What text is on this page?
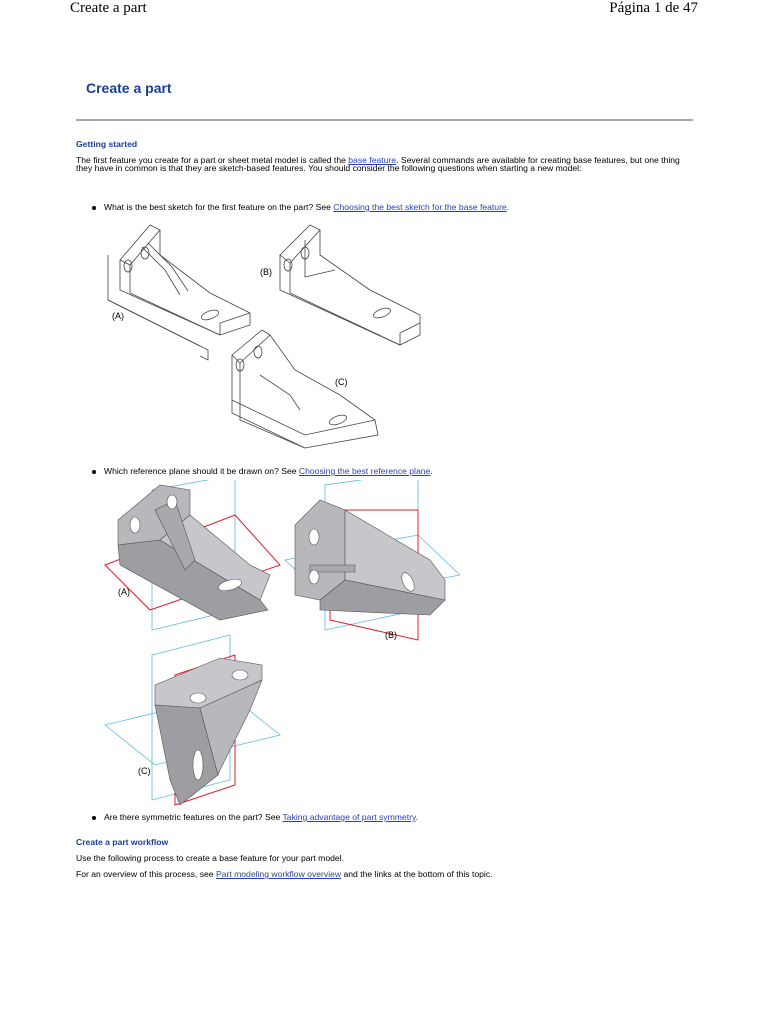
Create a part	Página 1 de 47
Create a part
Getting started
The first feature you create for a part or sheet metal model is called the base feature. Several commands are available for creating base features, but one thing they have in common is that they are sketch-based features. You should consider the following questions when starting a new model:
What is the best sketch for the first feature on the part? See Choosing the best sketch for the base feature.
(A)
(B)
(C)
Which reference plane should it be drawn on? See Choosing the best reference plane.
(A)
(B)
(C)
Are there symmetric features on the part? See Taking advantage of part symmetry.
Create a part workflow
Use the following process to create a base feature for your part model.
For an overview of this process, see Part modeling workflow overview and the links at the bottom of this topic.
